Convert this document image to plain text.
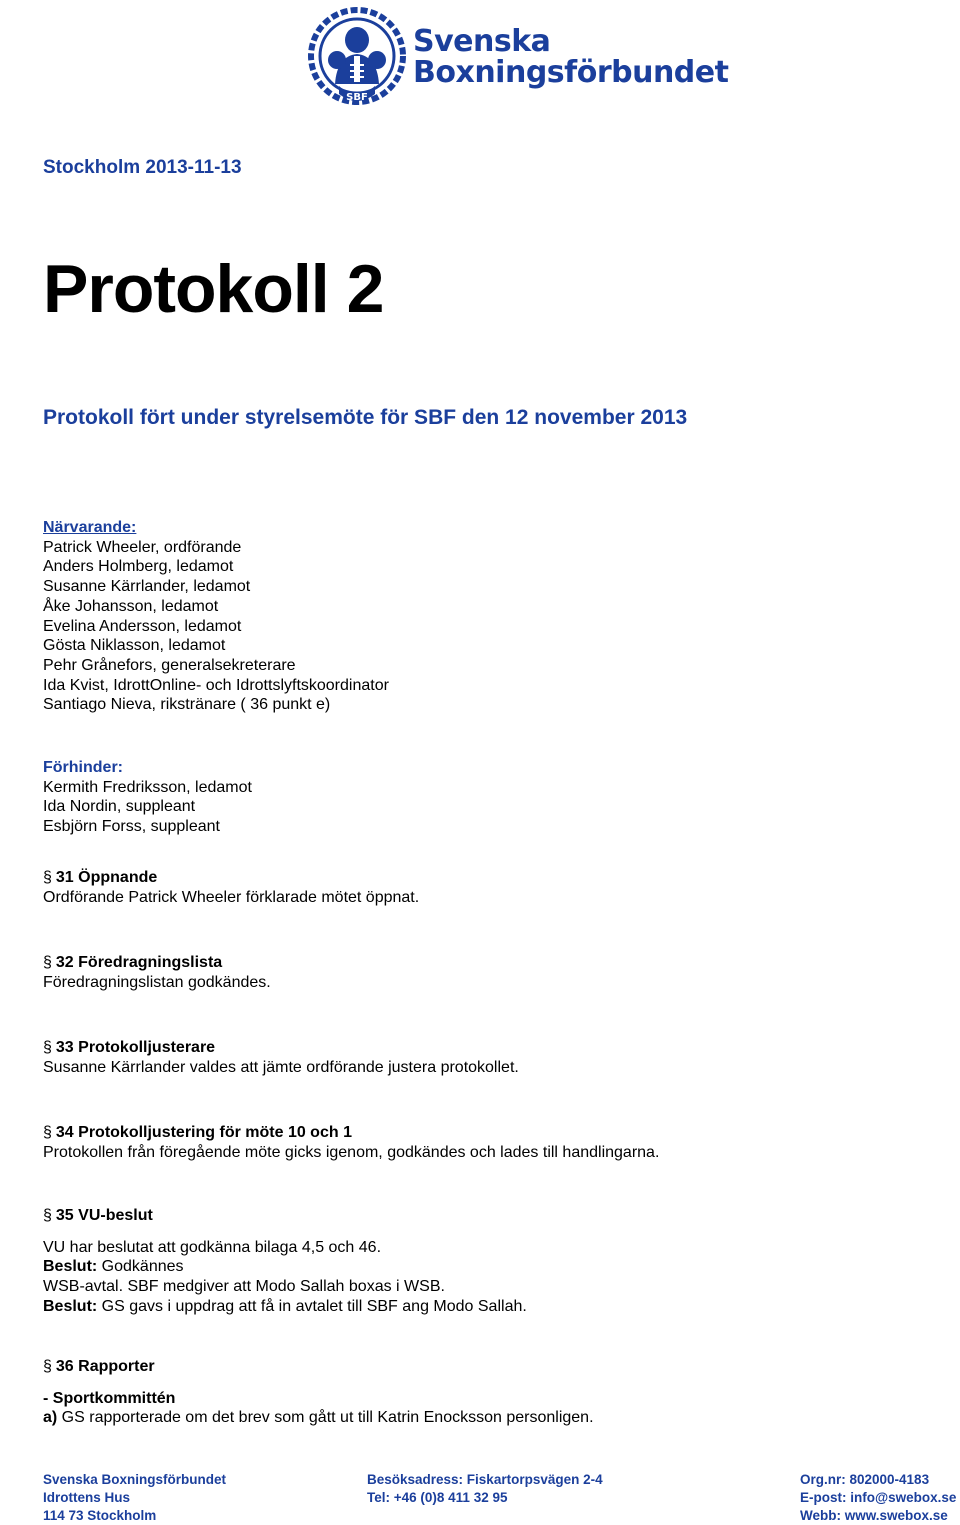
SBF
Svenska
Boxningsförbundet
Stockholm 2013-11-13
Protokoll 2
Protokoll fört under styrelsemöte för SBF den 12 november 2013
Närvarande:
Patrick Wheeler, ordförande
Anders Holmberg, ledamot
Susanne Kärrlander, ledamot
Åke Johansson, ledamot
Evelina Andersson, ledamot
Gösta Niklasson, ledamot
Pehr Grånefors, generalsekreterare
Ida Kvist, IdrottOnline- och Idrottslyftskoordinator
Santiago Nieva, rikstränare ( 36 punkt e)
Förhinder:
Kermith Fredriksson, ledamot
Ida Nordin, suppleant
Esbjörn Forss, suppleant
§ 31 Öppnande
Ordförande Patrick Wheeler förklarade mötet öppnat.
§ 32 Föredragningslista
Föredragningslistan godkändes.
§ 33 Protokolljusterare
Susanne Kärrlander valdes att jämte ordförande justera protokollet.
§ 34 Protokolljustering för möte 10 och 1
Protokollen från föregående möte gicks igenom, godkändes och lades till handlingarna.
§ 35 VU-beslut
VU har beslutat att godkänna bilaga 4,5 och 46.
Beslut: Godkännes
WSB-avtal. SBF medgiver att Modo Sallah boxas i WSB.
Beslut: GS gavs i uppdrag att få in avtalet till SBF ang Modo Sallah.
§ 36 Rapporter
- Sportkommittén
a) GS rapporterade om det brev som gått ut till Katrin Enocksson personligen.
Svenska Boxningsförbundet
Idrottens Hus
114 73 Stockholm
Besöksadress: Fiskartorpsvägen 2-4
Tel: +46 (0)8 411 32 95
Org.nr: 802000-4183
E-post: info@swebox.se
Webb: www.swebox.se
